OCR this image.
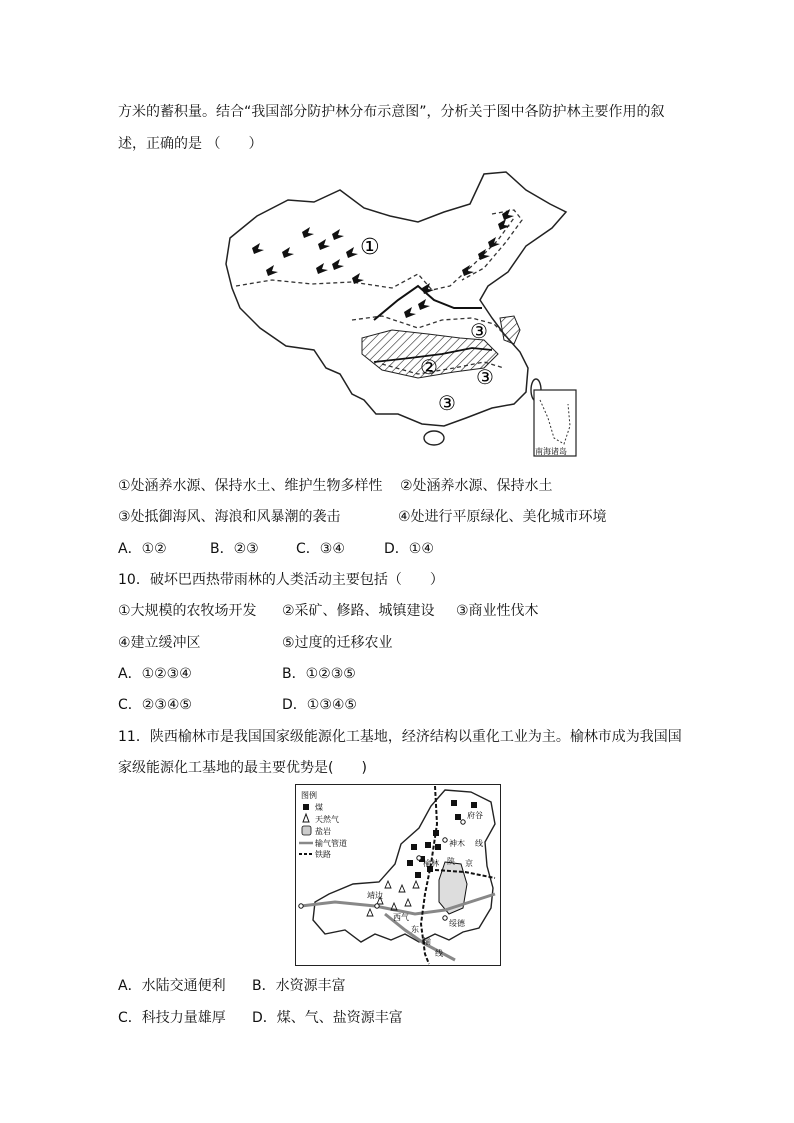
方米的蓄积量。结合“我国部分防护林分布示意图”，分析关于图中各防护林主要作用的叙
述，正确的是 （　　）
①
②
③
③
③
南海诸岛
①处涵养水源、保持水土、维护生物多样性 ②处涵养水源、保持水土
③处抵御海风、海浪和风暴潮的袭击	④处进行平原绿化、美化城市环境
A．①②	B．②③	C．③④	D．①④
10．破坏巴西热带雨林的人类活动主要包括（　　）
①大规模的农牧场开发 ②采矿、修路、城镇建设 ③商业性伐木
④建立缓冲区	⑤过度的迁移农业
A．①②③④	B．①②③⑤
C．②③④⑤	D．①③④⑤
11．陕西榆林市是我国国家级能源化工基地，经济结构以重化工业为主。榆林市成为我国国
家级能源化工基地的最主要优势是(　　)
图例
煤
天然气
盐岩
输气管道
铁路
府谷
神木
榆林
靖边
绥德
西气
东
输
线
陕 京
线
A．水陆交通便利 B．水资源丰富
C．科技力量雄厚 D．煤、气、盐资源丰富
